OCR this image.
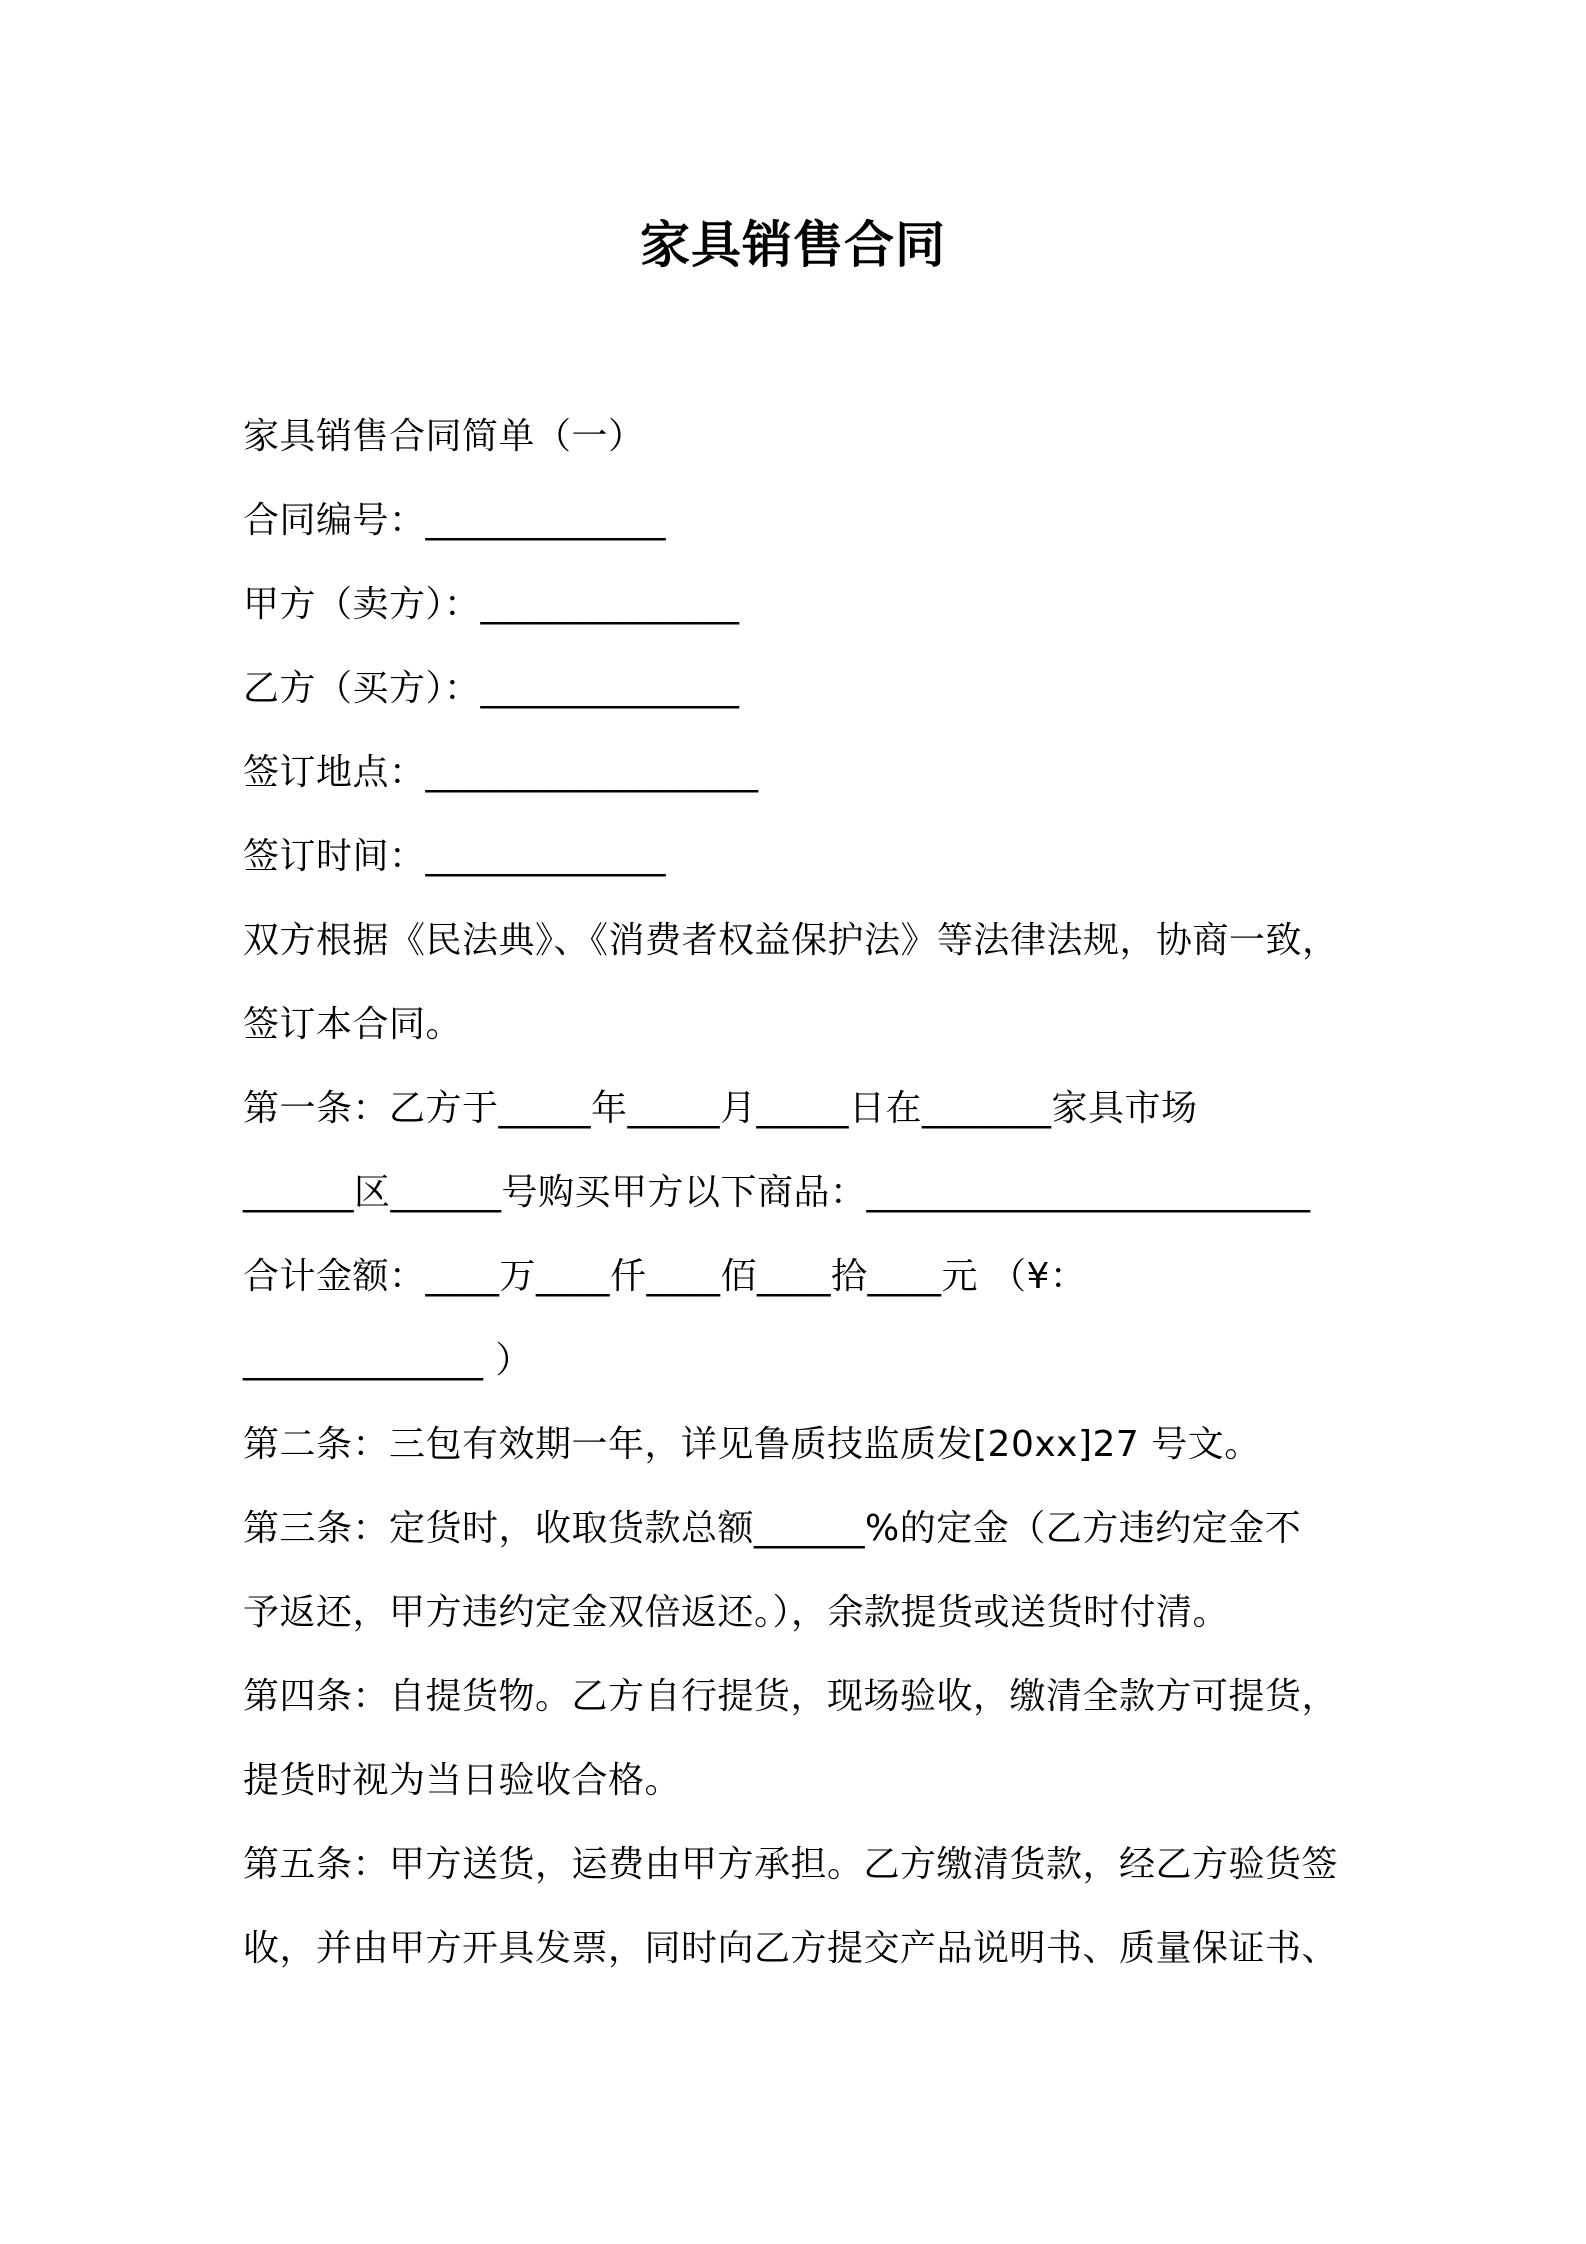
家具销售合同
家具销售合同简单（一）
合同编号：_____________
甲方（卖方）：______________
乙方（买方）：______________
签订地点：__________________
签订时间：_____________
双方根据《民法典》、《消费者权益保护法》等法律法规，协商一致，
签订本合同。
第一条：乙方于_____年_____月_____日在_______家具市场
______区______号购买甲方以下商品：________________________
合计金额：____万____仟____佰____拾____元 （¥：
_____________ ）
第二条：三包有效期一年，详见鲁质技监质发[20xx]27 号文。
第三条：定货时，收取货款总额______%的定金（乙方违约定金不
予返还，甲方违约定金双倍返还。），余款提货或送货时付清。
第四条：自提货物。乙方自行提货，现场验收，缴清全款方可提货，
提货时视为当日验收合格。
第五条：甲方送货，运费由甲方承担。乙方缴清货款，经乙方验货签
收，并由甲方开具发票，同时向乙方提交产品说明书、质量保证书、
